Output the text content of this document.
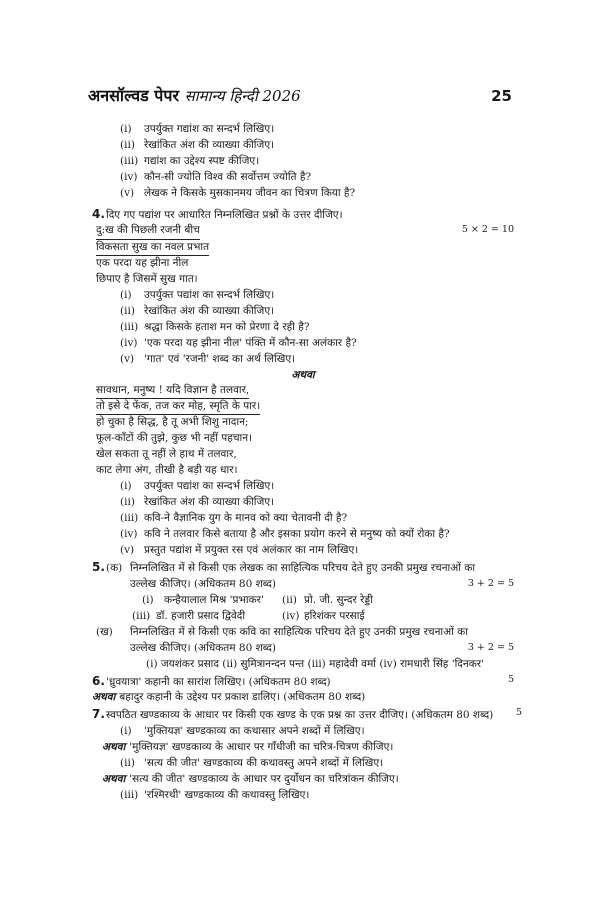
अनसॉल्वड पेपर सामान्य हिन्दी 2026	25
(i)	उपर्युक्त गद्यांश का सन्दर्भ लिखिए।
(ii) रेखांकित अंश की व्याख्या कीजिए।
(iii) गद्यांश का उद्देश्य स्पष्ट कीजिए।
(iv) कौन-सी ज्योति विश्व की सर्वोत्तम ज्योति है?
(v) लेखक ने किसके मुसकानमय जीवन का चित्रण किया है?
4. दिए गए पद्यांश पर आधारित निम्नलिखित प्रश्नों के उत्तर दीजिए।
दु:ख की पिछली रजनी बीच	5 × 2 = 10
विकसता सुख का नवल प्रभात
एक परदा यह झीना नील
छिपाए है जिसमें सुख गात।
(i)	उपर्युक्त पद्यांश का सन्दर्भ लिखिए।
(ii) रेखांकित अंश की व्याख्या कीजिए।
(iii) श्रद्धा किसके हताश मन को प्रेरणा दे रही है?
(iv) 'एक परदा यह झीना नील' पंक्ति में कौन-सा अलंकार है?
(v) 'गात' एवं 'रजनी' शब्द का अर्थ लिखिए।
अथवा
सावधान, मनुष्य ! यदि विज्ञान है तलवार,
तो इसे दे फेंक, तज कर मोह, स्मृति के पार।
हो चुका है सिद्ध, है तू अभी शिशु नादान;
फूल-काँटों की तुझे, कुछ भी नहीं पहचान।
खेल सकता तू नहीं ले हाथ में तलवार,
काट लेगा अंग, तीखी है बड़ी यह धार।
(i)	उपर्युक्त पद्यांश का सन्दर्भ लिखिए।
(ii) रेखांकित अंश की व्याख्या कीजिए।
(iii) कवि-ने वैज्ञानिक युग के मानव को क्या चेतावनी दी है?
(iv) कवि ने तलवार किसे बताया है और इसका प्रयोग करने से मनुष्य को क्यों रोका है?
(v) प्रस्तुत पद्यांश में प्रयुक्त रस एवं अलंकार का नाम लिखिए।
5. (क) निम्नलिखित में से किसी एक लेखक का साहित्यिक परिचय देते हुए उनकी प्रमुख रचनाओं का
उल्लेख कीजिए। (अधिकतम 80 शब्द)	3 + 2 = 5
(i) कन्हैयालाल मिश्र 'प्रभाकर'	(ii) प्रो. जी. सुन्दर रेड्डी
(iii) डॉ. हजारी प्रसाद द्विवेदी	(iv) हरिशंकर परसाई
(ख)	निम्नलिखित में से किसी एक कवि का साहित्यिक परिचय देते हुए उनकी प्रमुख रचनाओं का
उल्लेख कीजिए। (अधिकतम 80 शब्द)	3 + 2 = 5
(i) जयशंकर प्रसाद (ii) सुमित्रानन्दन पन्त (iii) महादेवी वर्मा (iv) रामधारी सिंह 'दिनकर'
6. 'ध्रुवयात्रा' कहानी का सारांश लिखिए। (अधिकतम 80 शब्द)	5
अथवा बहादुर कहानी के उद्देश्य पर प्रकाश डालिए। (अधिकतम 80 शब्द)
7. स्वपठित खण्डकाव्य के आधार पर किसी एक खण्ड के एक प्रश्न का उत्तर दीजिए। (अधिकतम 80 शब्द)	5
(i)	'मुक्तियज्ञ' खण्डकाव्य का कथासार अपने शब्दों में लिखिए।
अथवा 'मुक्तियज्ञ' खण्डकाव्य के आधार पर गाँधीजी का चरित्र-चित्रण कीजिए।
(ii) 'सत्य की जीत' खण्डकाव्य की कथावस्तु अपने शब्दों में लिखिए।
अथवा 'सत्य की जीत' खण्डकाव्य के आधार पर दुर्योधन का चरित्रांकन कीजिए।
(iii) 'रश्मिरथी' खण्डकाव्य की कथावस्तु लिखिए।
